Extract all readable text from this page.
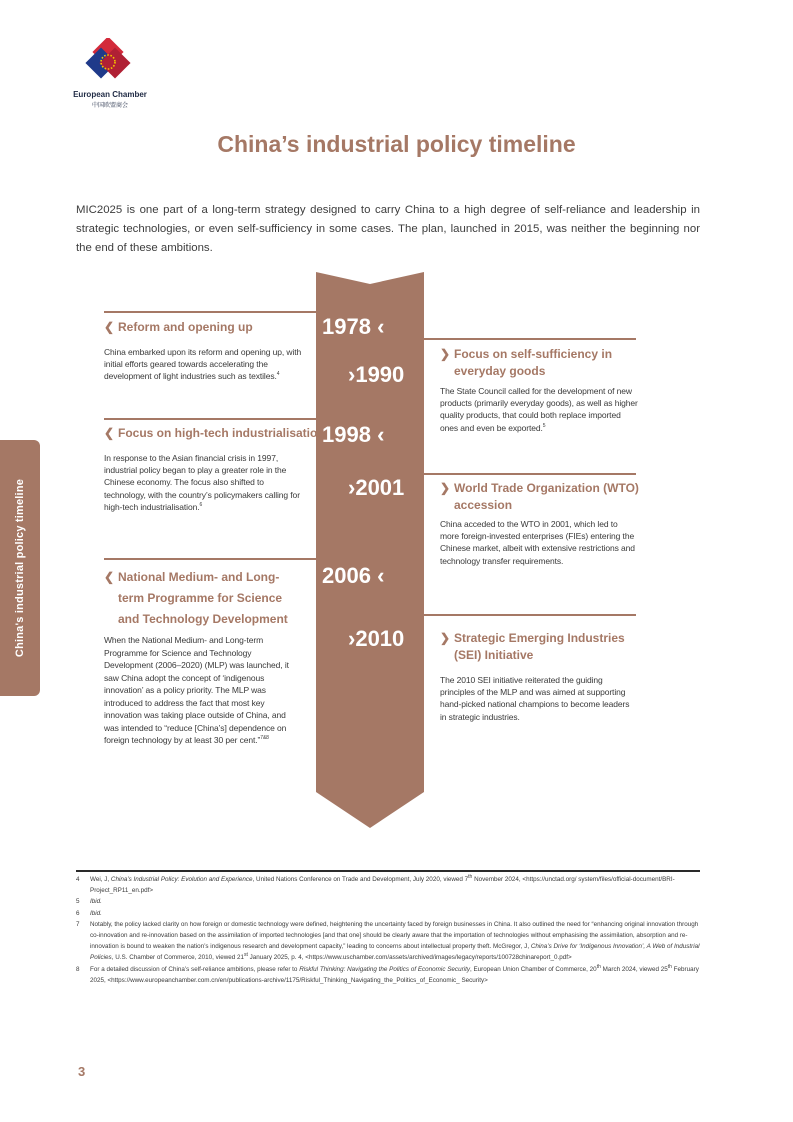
European Chamber
中国欧盟商会
China's industrial policy timeline
China’s industrial policy timeline

MIC2025 is one part of a long-term strategy designed to carry China to a high degree of self-reliance and leadership in strategic technologies, or even self-sufficiency in some cases. The plan, launched in 2015, was neither the beginning nor the end of these ambitions.

1978 ‹
›1990
1998 ‹
›2001
2006 ‹
›2010
❮ Reform and opening up
China embarked upon its reform and opening up, with initial efforts geared towards accelerating the development of light industries such as textiles.$^4$
❮ Focus on high-tech industrialisation
In response to the Asian financial crisis in 1997, industrial policy began to play a greater role in the Chinese economy. The focus also shifted to technology, with the country’s policymakers calling for high-tech industrialisation.$^6$
❮ National Medium- and Long-term Programme for Science and Technology Development
When the National Medium- and Long-term Programme for Science and Technology Development (2006–2020) (MLP) was launched, it saw China adopt the concept of ‘indigenous innovation’ as a policy priority. The MLP was introduced to address the fact that most key innovation was taking place outside of China, and was intended to “reduce [China’s] dependence on foreign technology by at least 30 per cent.”$^{7\&8}$
❯ Focus on self-sufficiency in everyday goods
The State Council called for the development of new products (primarily everyday goods), as well as higher quality products, that could both replace imported ones and even be exported.$^5$
❯ World Trade Organization (WTO) accession
China acceded to the WTO in 2001, which led to more foreign-invested enterprises (FIEs) entering the Chinese market, albeit with extensive restrictions and technology transfer requirements.
❯ Strategic Emerging Industries (SEI) Initiative
The 2010 SEI initiative reiterated the guiding principles of the MLP and was aimed at supporting hand-picked national champions to become leaders in strategic industries.
4 Wei, J, China’s Industrial Policy: Evolution and Experience, United Nations Conference on Trade and Development, July 2020, viewed 7th November 2024, <https://unctad.org/ system/files/official-document/BRI-Project_RP11_en.pdf>
5 Ibid.
6 Ibid.
7 Notably, the policy lacked clarity on how foreign or domestic technology were defined, heightening the uncertainty faced by foreign businesses in China. It also outlined the need for “enhancing original innovation through co-innovation and re-innovation based on the assimilation of imported technologies [and that one] should be clearly aware that the importation of technologies without emphasising the assimilation, absorption and re-innovation is bound to weaken the nation’s indigenous research and development capacity,” leading to concerns about intellectual property theft. McGregor, J, China’s Drive for ‘Indigenous Innovation’, A Web of Industrial Policies, U.S. Chamber of Commerce, 2010, viewed 21st January 2025, p. 4, <https://www.uschamber.com/assets/archived/images/legacy/reports/100728chinareport_0.pdf>
8 For a detailed discussion of China’s self-reliance ambitions, please refer to Riskful Thinking: Navigating the Politics of Economic Security, European Union Chamber of Commerce, 20th March 2024, viewed 25th February 2025, <https://www.europeanchamber.com.cn/en/publications-archive/1175/Riskful_Thinking_Navigating_the_Politics_of_Economic_ Security>
3
